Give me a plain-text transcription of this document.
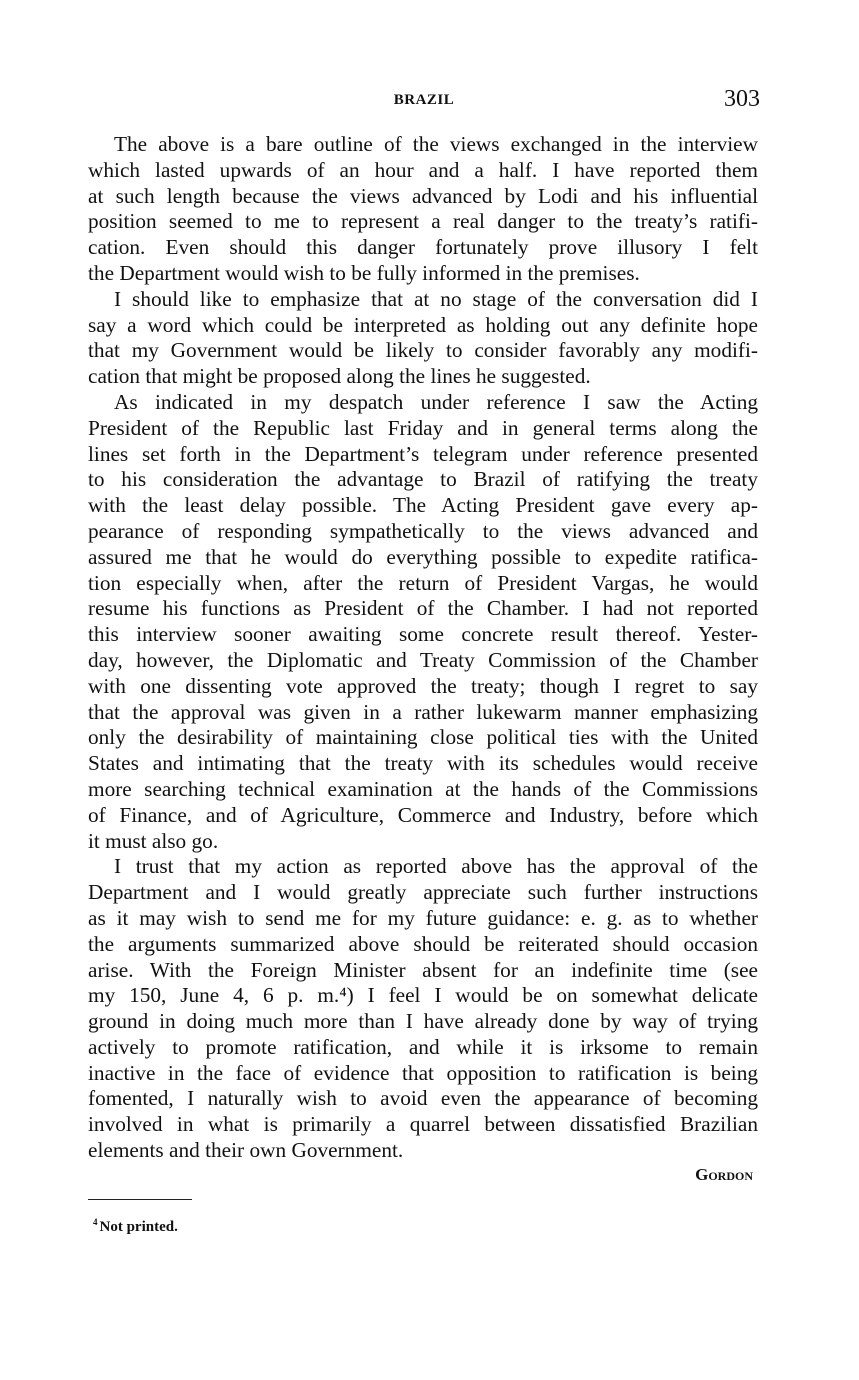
BRAZIL	303
The above is a bare outline of the views exchanged in the interview
which lasted upwards of an hour and a half. I have reported them
at such length because the views advanced by Lodi and his influential
position seemed to me to represent a real danger to the treaty’s ratifi-
cation. Even should this danger fortunately prove illusory I felt
the Department would wish to be fully informed in the premises.
I should like to emphasize that at no stage of the conversation did I
say a word which could be interpreted as holding out any definite hope
that my Government would be likely to consider favorably any modifi-
cation that might be proposed along the lines he suggested.
As indicated in my despatch under reference I saw the Acting
President of the Republic last Friday and in general terms along the
lines set forth in the Department’s telegram under reference presented
to his consideration the advantage to Brazil of ratifying the treaty
with the least delay possible. The Acting President gave every ap-
pearance of responding sympathetically to the views advanced and
assured me that he would do everything possible to expedite ratifica-
tion especially when, after the return of President Vargas, he would
resume his functions as President of the Chamber. I had not reported
this interview sooner awaiting some concrete result thereof. Yester-
day, however, the Diplomatic and Treaty Commission of the Chamber
with one dissenting vote approved the treaty; though I regret to say
that the approval was given in a rather lukewarm manner emphasizing
only the desirability of maintaining close political ties with the United
States and intimating that the treaty with its schedules would receive
more searching technical examination at the hands of the Commissions
of Finance, and of Agriculture, Commerce and Industry, before which
it must also go.
I trust that my action as reported above has the approval of the
Department and I would greatly appreciate such further instructions
as it may wish to send me for my future guidance: e. g. as to whether
the arguments summarized above should be reiterated should occasion
arise. With the Foreign Minister absent for an indefinite time (see
my 150, June 4, 6 p. m.⁴) I feel I would be on somewhat delicate
ground in doing much more than I have already done by way of trying
actively to promote ratification, and while it is irksome to remain
inactive in the face of evidence that opposition to ratification is being
fomented, I naturally wish to avoid even the appearance of becoming
involved in what is primarily a quarrel between dissatisfied Brazilian
elements and their own Government.
Gordon
$^4$ Not printed.
